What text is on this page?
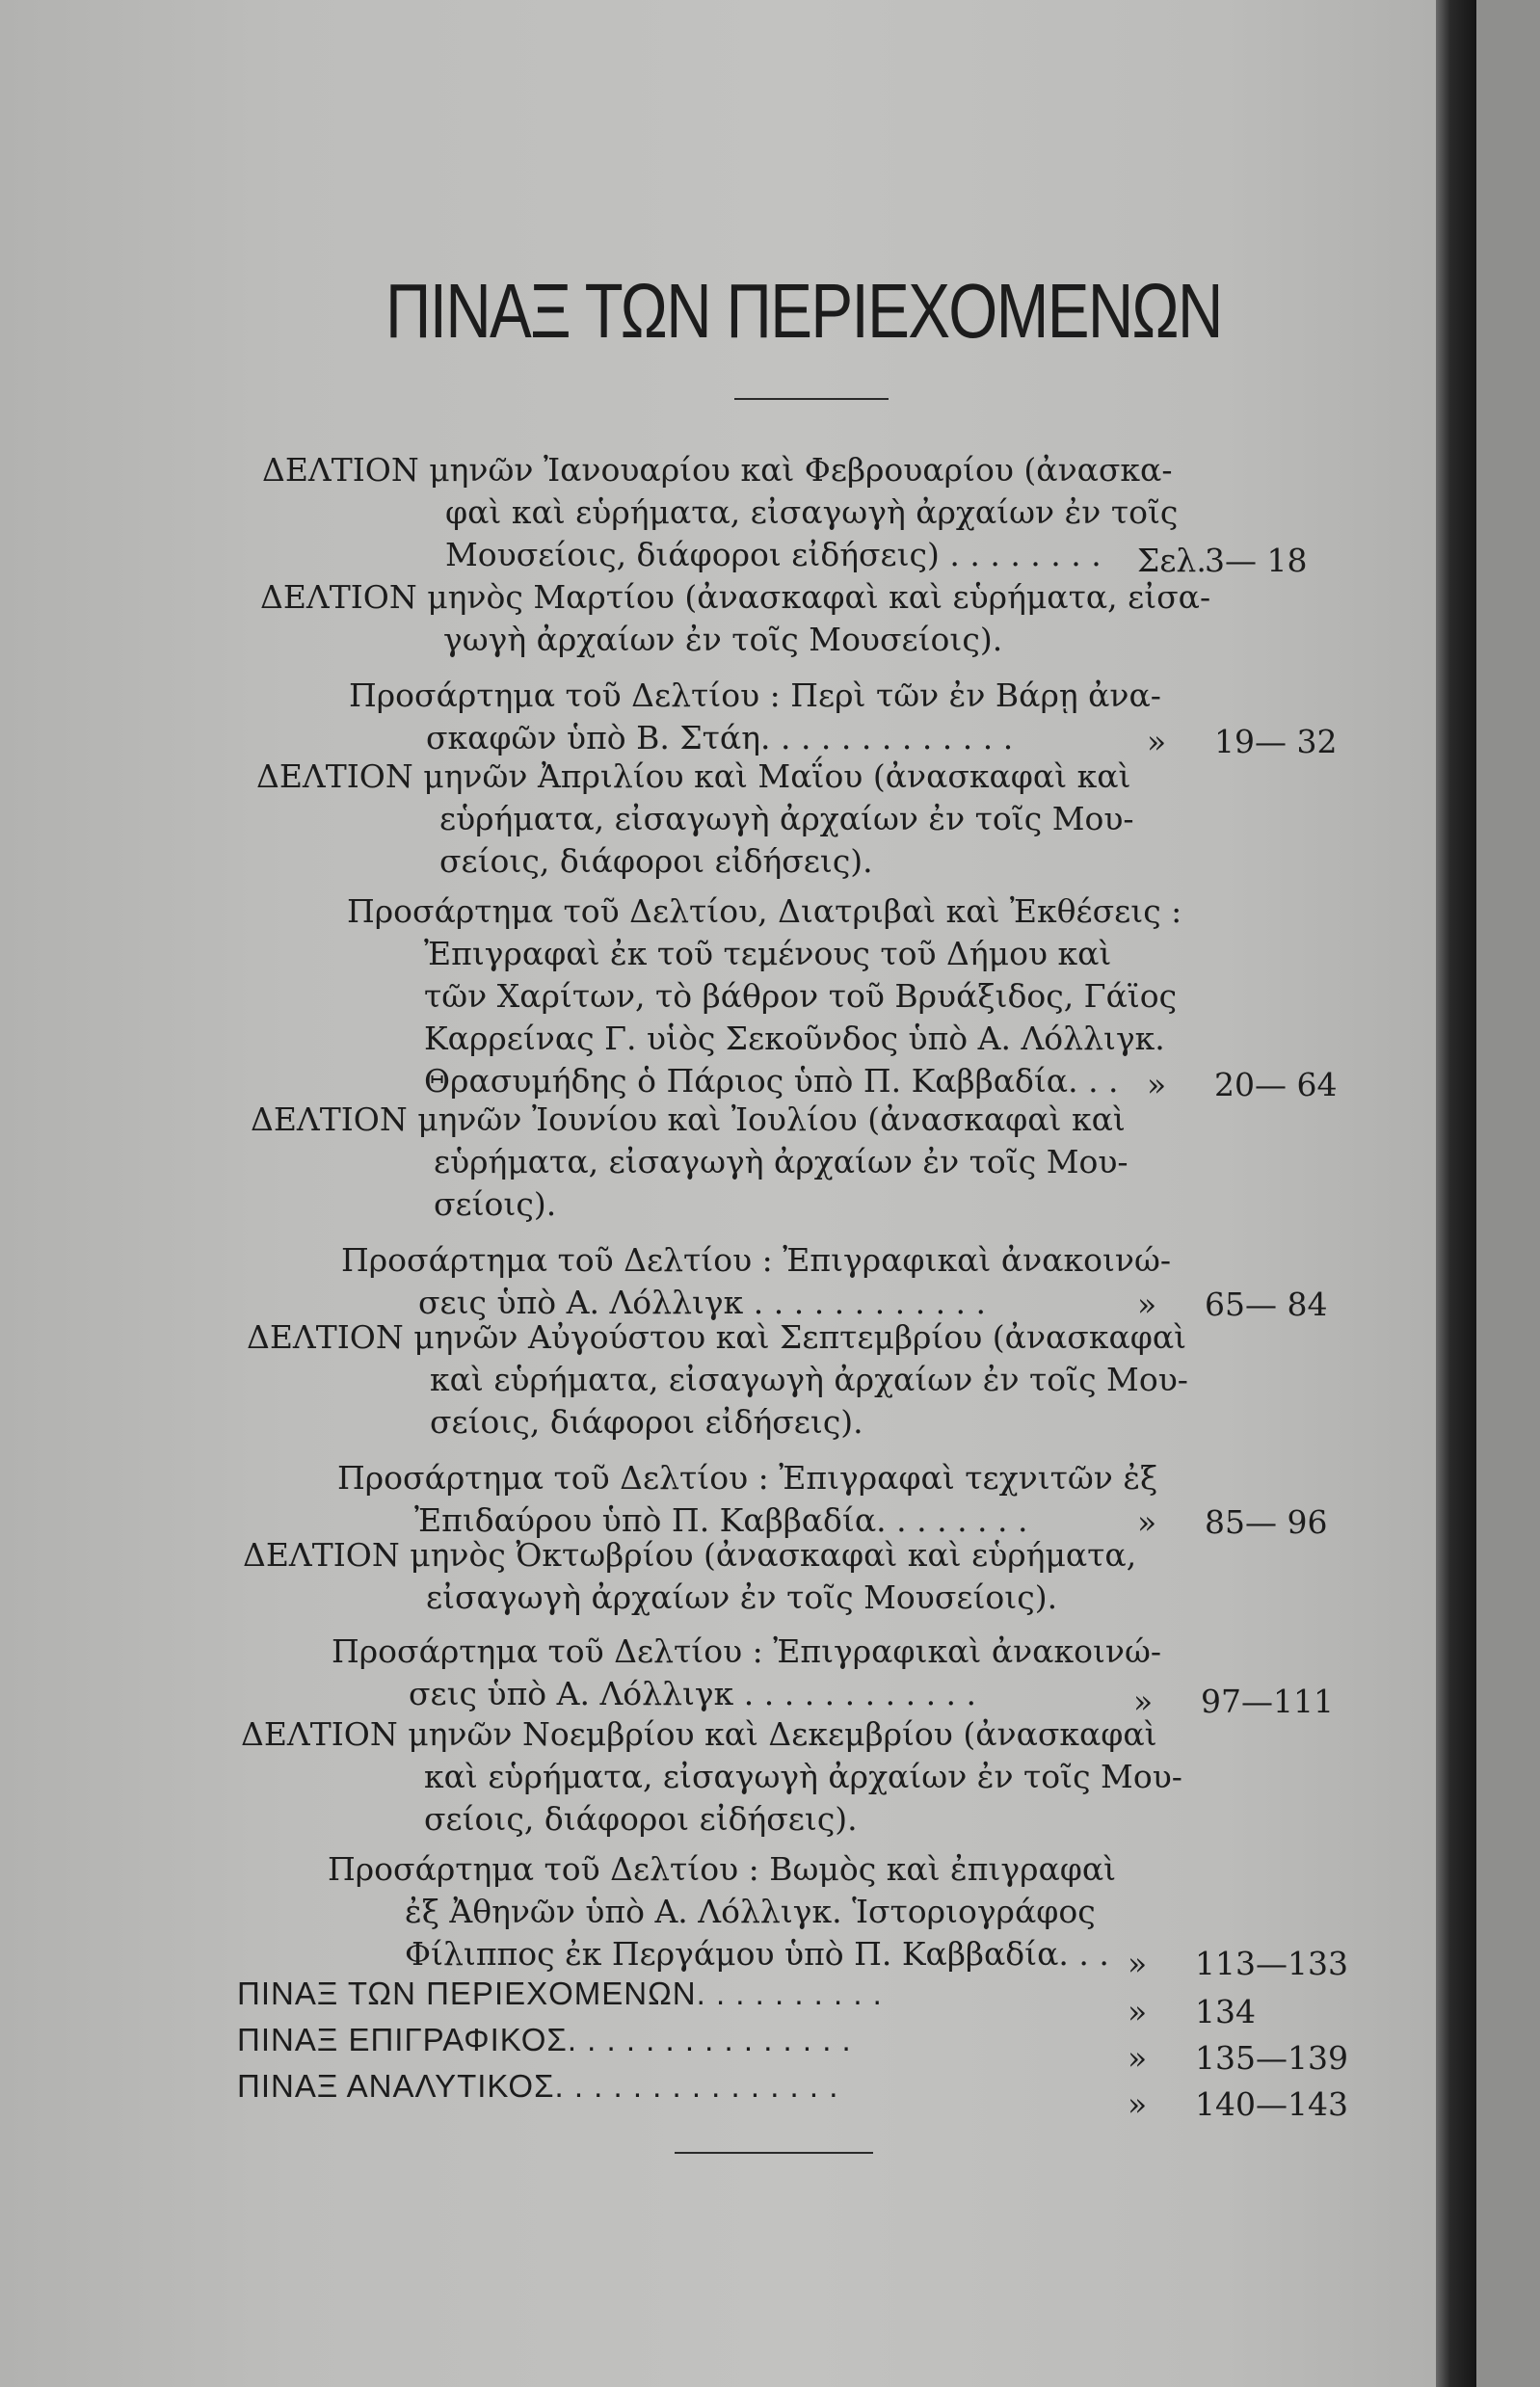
ΠΙΝΑΞ ΤΩΝ ΠΕΡΙΕΧΟΜΕΝΩΝ
ΔΕΛΤΙΟΝ μηνῶν Ἰανουαρίου καὶ Φεβρουαρίου (ἀνασκα-
φαὶ καὶ εὑρήματα, εἰσαγωγὴ ἀρχαίων ἐν τοῖς
Μουσείοις, διάφοροι εἰδήσεις) . . . . . . . .	Σελ.3— 18
ΔΕΛΤΙΟΝ μηνὸς Μαρτίου (ἀνασκαφαὶ καὶ εὑρήματα, εἰσα-
γωγὴ ἀρχαίων ἐν τοῖς Μουσείοις).
Προσάρτημα τοῦ Δελτίου : Περὶ τῶν ἐν Βάρῃ ἀνα-
σκαφῶν ὑπὸ Β. Στάη. . . . . . . . . . . . .	» 19— 32
ΔΕΛΤΙΟΝ μηνῶν Ἀπριλίου καὶ Μαΐου (ἀνασκαφαὶ καὶ
εὑρήματα, εἰσαγωγὴ ἀρχαίων ἐν τοῖς Μου-
σείοις, διάφοροι εἰδήσεις).
Προσάρτημα τοῦ Δελτίου, Διατριβαὶ καὶ Ἐκθέσεις :
Ἐπιγραφαὶ ἐκ τοῦ τεμένους τοῦ Δήμου καὶ
τῶν Χαρίτων, τὸ βάθρον τοῦ Βρυάξιδος, Γάϊος
Καρρείνας Γ. υἱὸς Σεκοῦνδος ὑπὸ Α. Λόλλιγκ.
Θρασυμήδης ὁ Πάριος ὑπὸ Π. Καββαδία. . . » 20— 64
ΔΕΛΤΙΟΝ μηνῶν Ἰουνίου καὶ Ἰουλίου (ἀνασκαφαὶ καὶ
εὑρήματα, εἰσαγωγὴ ἀρχαίων ἐν τοῖς Μου-
σείοις).
Προσάρτημα τοῦ Δελτίου : Ἐπιγραφικαὶ ἀνακοινώ-
σεις ὑπὸ Α. Λόλλιγκ . . . . . . . . . . . .	» 65— 84
ΔΕΛΤΙΟΝ μηνῶν Αὐγούστου καὶ Σεπτεμβρίου (ἀνασκαφαὶ
καὶ εὑρήματα, εἰσαγωγὴ ἀρχαίων ἐν τοῖς Μου-
σείοις, διάφοροι εἰδήσεις).
Προσάρτημα τοῦ Δελτίου : Ἐπιγραφαὶ τεχνιτῶν ἐξ
Ἐπιδαύρου ὑπὸ Π. Καββαδία. . . . . . . .	» 85— 96
ΔΕΛΤΙΟΝ μηνὸς Ὀκτωβρίου (ἀνασκαφαὶ καὶ εὑρήματα,
εἰσαγωγὴ ἀρχαίων ἐν τοῖς Μουσείοις).
Προσάρτημα τοῦ Δελτίου : Ἐπιγραφικαὶ ἀνακοινώ-
σεις ὑπὸ Α. Λόλλιγκ . . . . . . . . . . . .	» 97—111
ΔΕΛΤΙΟΝ μηνῶν Νοεμβρίου καὶ Δεκεμβρίου (ἀνασκαφαὶ
καὶ εὑρήματα, εἰσαγωγὴ ἀρχαίων ἐν τοῖς Μου-
σείοις, διάφοροι εἰδήσεις).
Προσάρτημα τοῦ Δελτίου : Βωμὸς καὶ ἐπιγραφαὶ
ἐξ Ἀθηνῶν ὑπὸ Α. Λόλλιγκ. Ἱστοριογράφος
Φίλιππος ἐκ Περγάμου ὑπὸ Π. Καββαδία. . . » 113—133
ΠΙΝΑΞ ΤΩΝ ΠΕΡΙΕΧΟΜΕΝΩΝ. . . . . . . . . .	» 134
ΠΙΝΑΞ ΕΠΙΓΡΑΦΙΚΟΣ. . . . . . . . . . . . . . .	» 135—139
ΠΙΝΑΞ ΑΝΑΛΥΤΙΚΟΣ. . . . . . . . . . . . . . .	» 140—143
